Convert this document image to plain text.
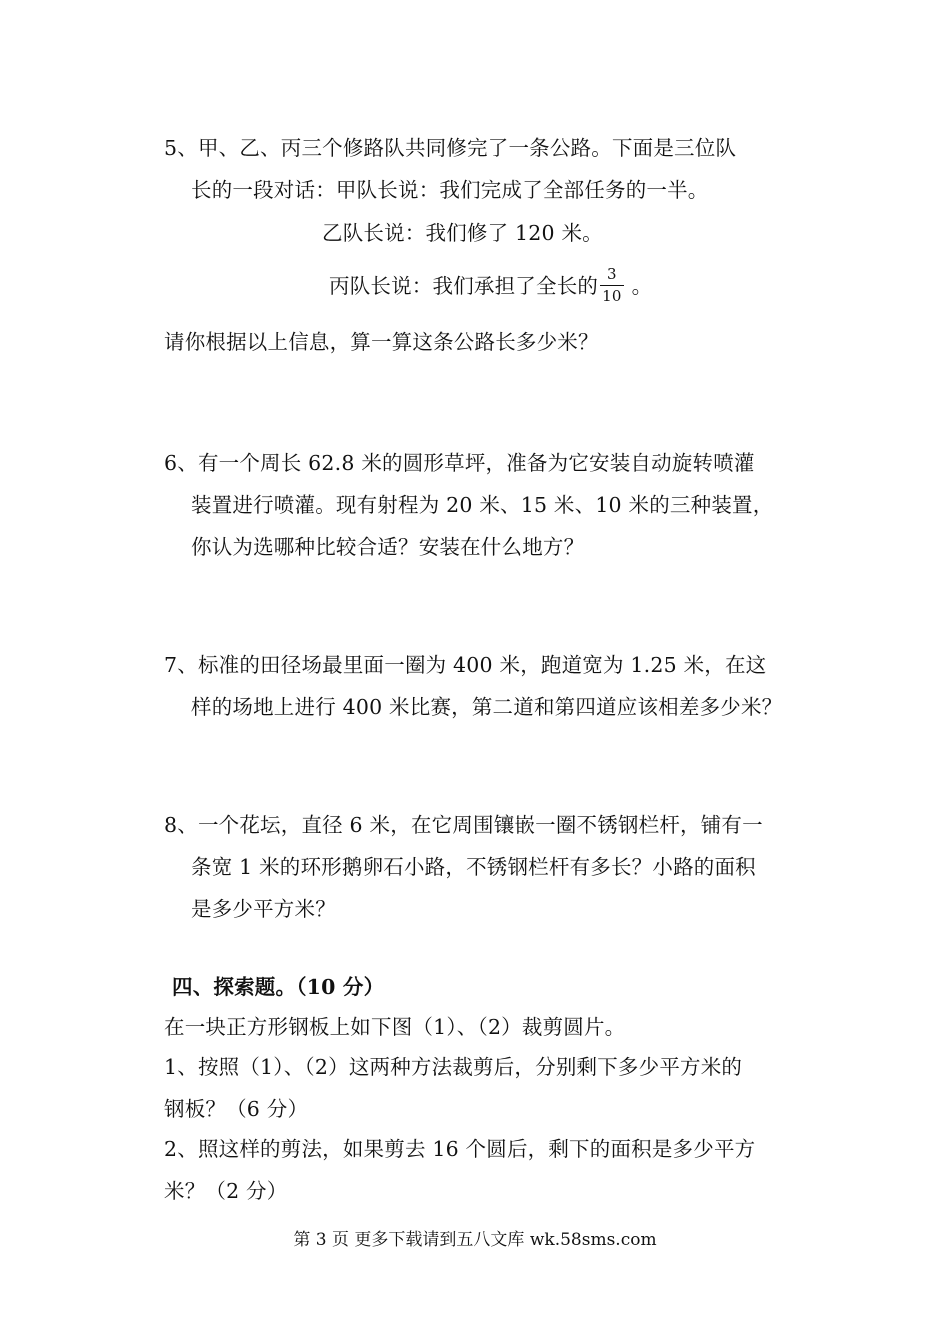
5、甲、乙、丙三个修路队共同修完了一条公路。下面是三位队
长的一段对话：甲队长说：我们完成了全部任务的一半。
乙队长说：我们修了 120 米。
丙队长说：我们承担了全长的 $\frac{3}{10}$ 。
请你根据以上信息，算一算这条公路长多少米？
6、有一个周长 62.8 米的圆形草坪，准备为它安装自动旋转喷灌
装置进行喷灌。现有射程为 20 米、15 米、10 米的三种装置，
你认为选哪种比较合适？安装在什么地方？
7、标准的田径场最里面一圈为 400 米，跑道宽为 1.25 米，在这
样的场地上进行 400 米比赛，第二道和第四道应该相差多少米？
8、一个花坛，直径 6 米，在它周围镶嵌一圈不锈钢栏杆，铺有一
条宽 1 米的环形鹅卵石小路，不锈钢栏杆有多长？小路的面积
是多少平方米？
四、探索题。（10 分）
在一块正方形钢板上如下图（1）、（2）裁剪圆片。
1、按照（1）、（2）这两种方法裁剪后，分别剩下多少平方米的
钢板？（6 分）
2、照这样的剪法，如果剪去 16 个圆后，剩下的面积是多少平方
米？（2 分）
第 3 页 更多下载请到五八文库 wk.58sms.com
